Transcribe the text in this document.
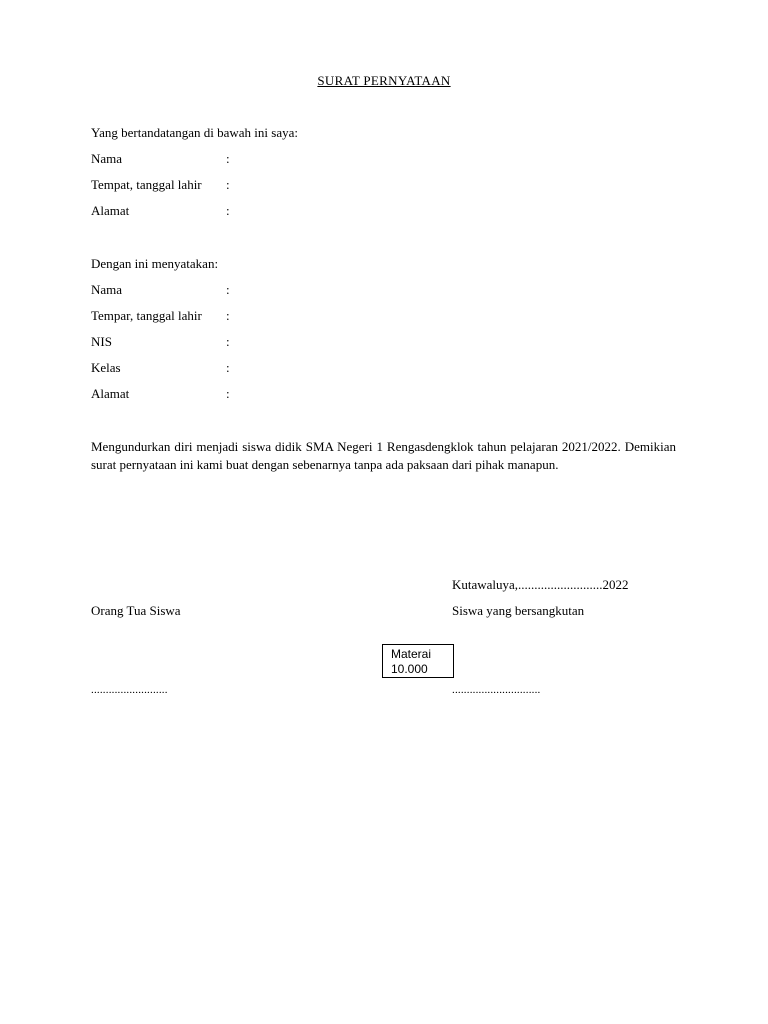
SURAT PERNYATAAN
Yang bertandatangan di bawah ini saya:
Nama	:
Tempat, tanggal lahir :
Alamat	:
Dengan ini menyatakan:
Nama	:
Tempar, tanggal lahir :
NIS	:
Kelas	:
Alamat	:
Mengundurkan diri menjadi siswa didik SMA Negeri 1 Rengasdengklok tahun pelajaran 2021/2022. Demikian surat pernyataan ini kami buat dengan sebenarnya tanpa ada paksaan dari pihak manapun.
Kutawaluya,..........................2022
Orang Tua Siswa	Siswa yang bersangkutan
Materai
10.000
..........................	..............................
